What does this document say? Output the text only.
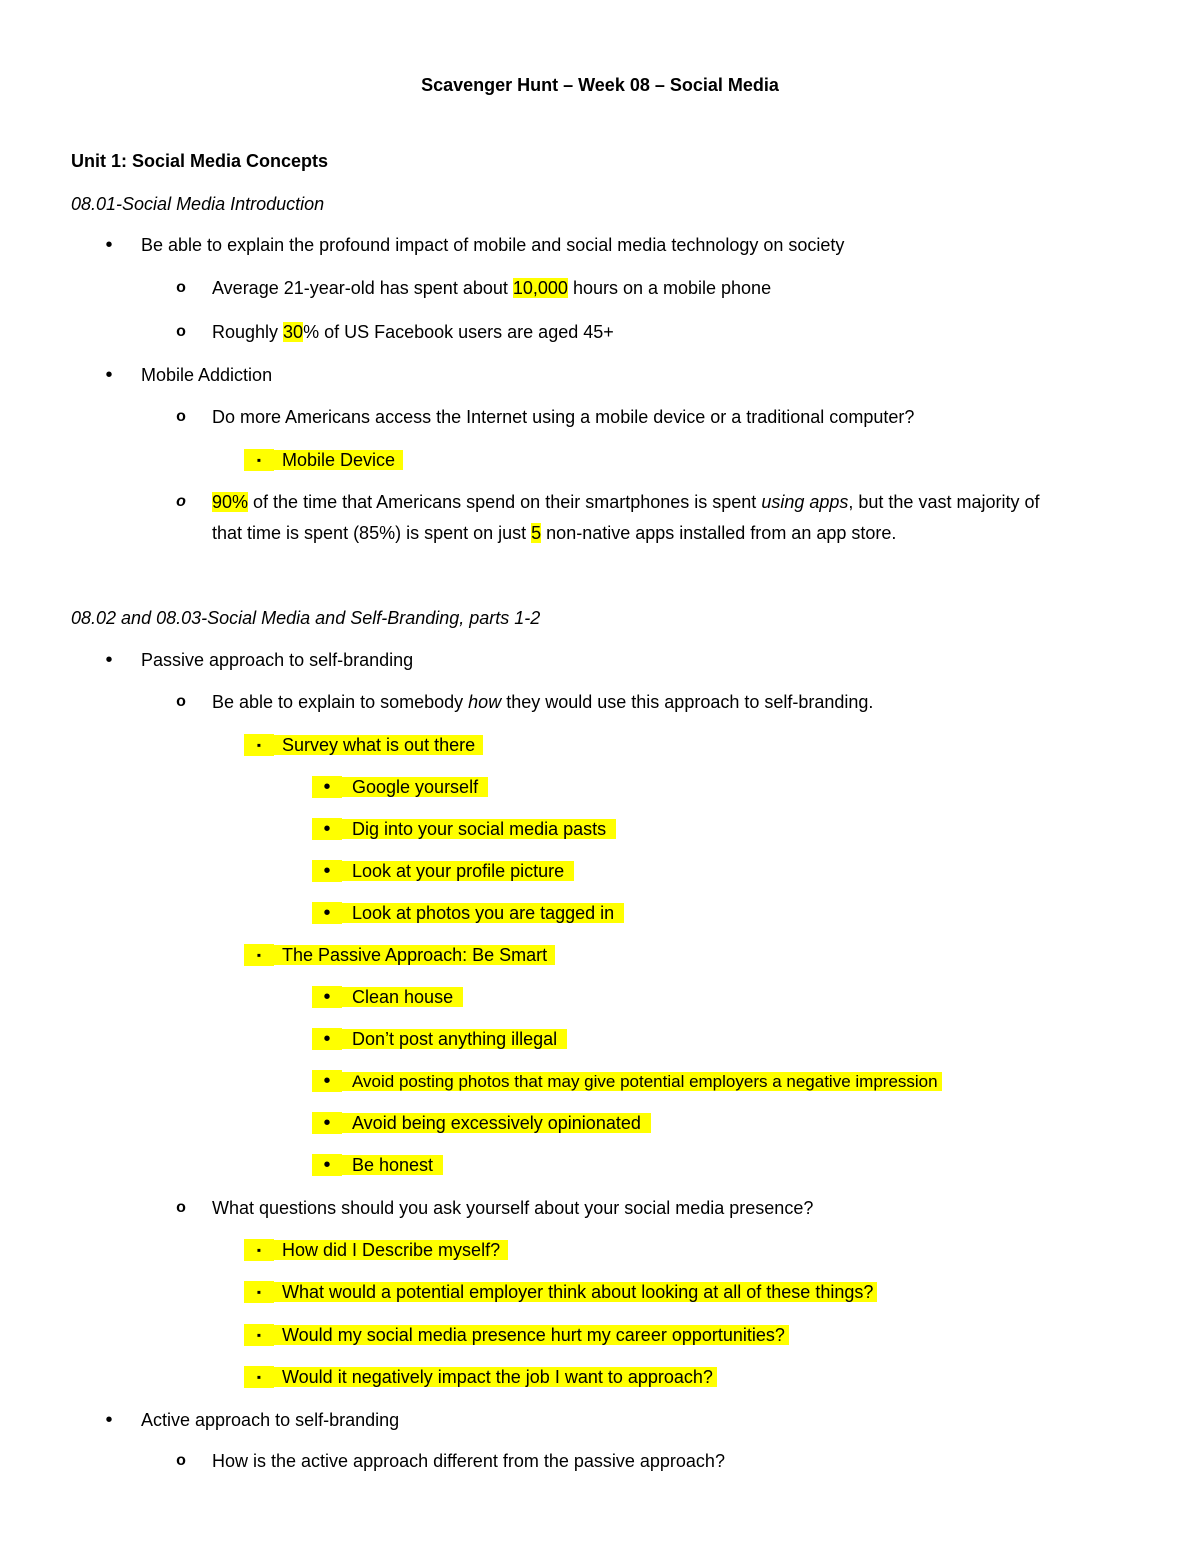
Scavenger Hunt – Week 08 – Social Media
Unit 1: Social Media Concepts
08.01-Social Media Introduction
•	Be able to explain the profound impact of mobile and social media technology on society
o Average 21-year-old has spent about 10,000 hours on a mobile phone
o Roughly 30% of US Facebook users are aged 45+
•	Mobile Addiction
o Do more Americans access the Internet using a mobile device or a traditional computer?
▪	Mobile Device
o 90% of the time that Americans spend on their smartphones is spent using apps, but the vast majority of
that time is spent (85%) is spent on just 5 non-native apps installed from an app store.
08.02 and 08.03-Social Media and Self-Branding, parts 1-2
•	Passive approach to self-branding
o Be able to explain to somebody how they would use this approach to self-branding.
▪	Survey what is out there
•	Google yourself
•	Dig into your social media pasts
•	Look at your profile picture
•	Look at photos you are tagged in
▪	The Passive Approach: Be Smart
•	Clean house
•	Don’t post anything illegal
•	Avoid posting photos that may give potential employers a negative impression
•	Avoid being excessively opinionated
•	Be honest
o What questions should you ask yourself about your social media presence?
▪	How did I Describe myself?
▪	What would a potential employer think about looking at all of these things?
▪	Would my social media presence hurt my career opportunities?
▪	Would it negatively impact the job I want to approach?
•	Active approach to self-branding
o How is the active approach different from the passive approach?
